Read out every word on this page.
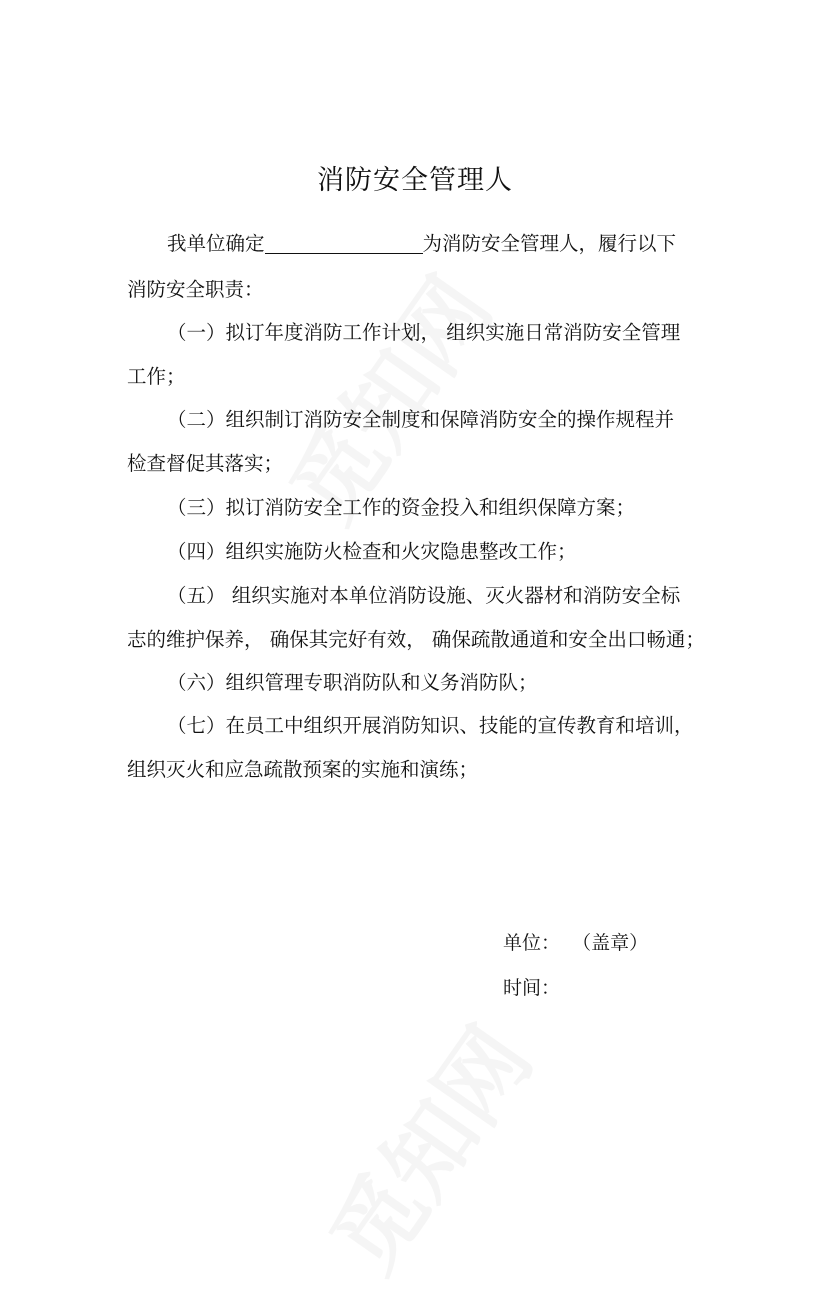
消防安全管理人
我单位确定	为消防安全管理人，履行以下
消防安全职责：
（一）拟订年度消防工作计划， 组织实施日常消防安全管理
工作；
（二）组织制订消防安全制度和保障消防安全的操作规程并
检查督促其落实；
（三）拟订消防安全工作的资金投入和组织保障方案；
（四）组织实施防火检查和火灾隐患整改工作；
（五） 组织实施对本单位消防设施、灭火器材和消防安全标
志的维护保养， 确保其完好有效， 确保疏散通道和安全出口畅通；
（六）组织管理专职消防队和义务消防队；
（七）在员工中组织开展消防知识、技能的宣传教育和培训，
组织灭火和应急疏散预案的实施和演练；
单位： （盖章）
时间：
